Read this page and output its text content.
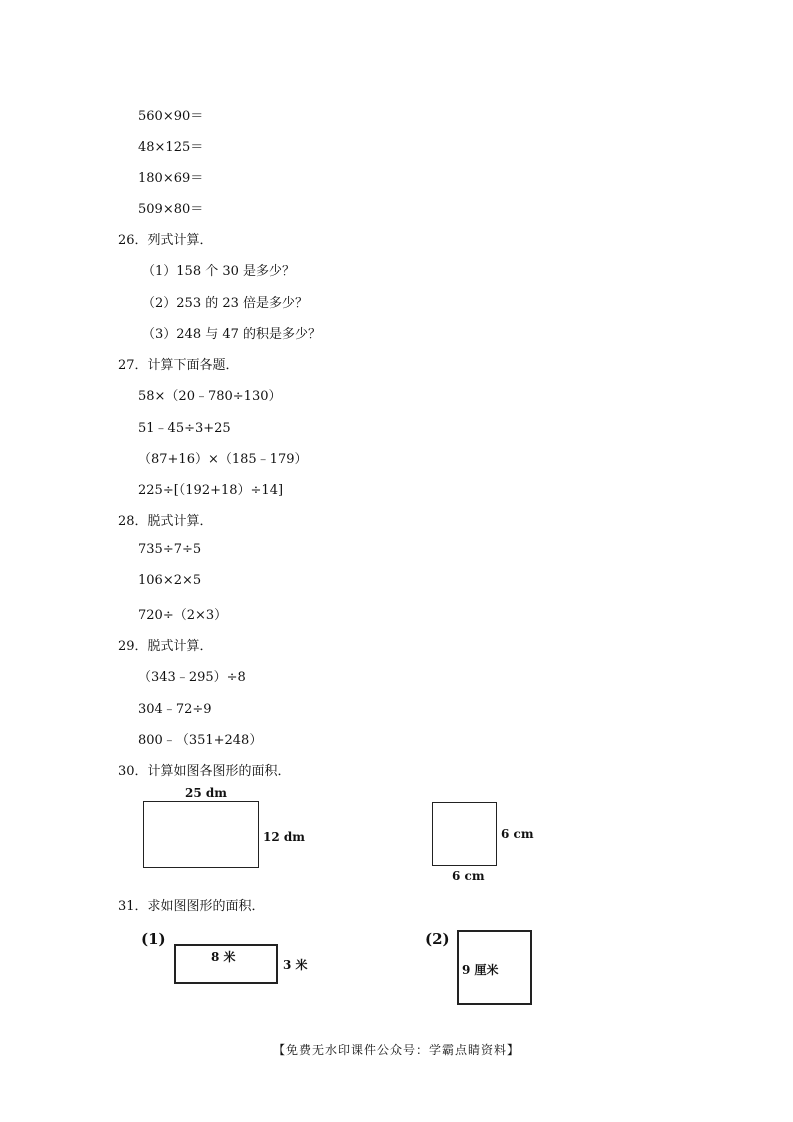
560×90＝
48×125＝
180×69＝
509×80＝
26．列式计算．
（1）158 个 30 是多少？
（2）253 的 23 倍是多少？
（3）248 与 47 的积是多少？
27．计算下面各题．
58×（20﹣780÷130）
51﹣45÷3+25
（87+16）×（185﹣179）
225÷[（192+18）÷14]
28．脱式计算．
735÷7÷5
106×2×5
720÷（2×3）
29．脱式计算．
（343﹣295）÷8
304﹣72÷9
800﹣（351+248）
30．计算如图各图形的面积．
25 dm
12 dm	6 cm
6 cm
31．求如图图形的面积．
(1)
8 米
3 米
(2)
9 厘米
【免费无水印课件公众号：学霸点睛资料】
